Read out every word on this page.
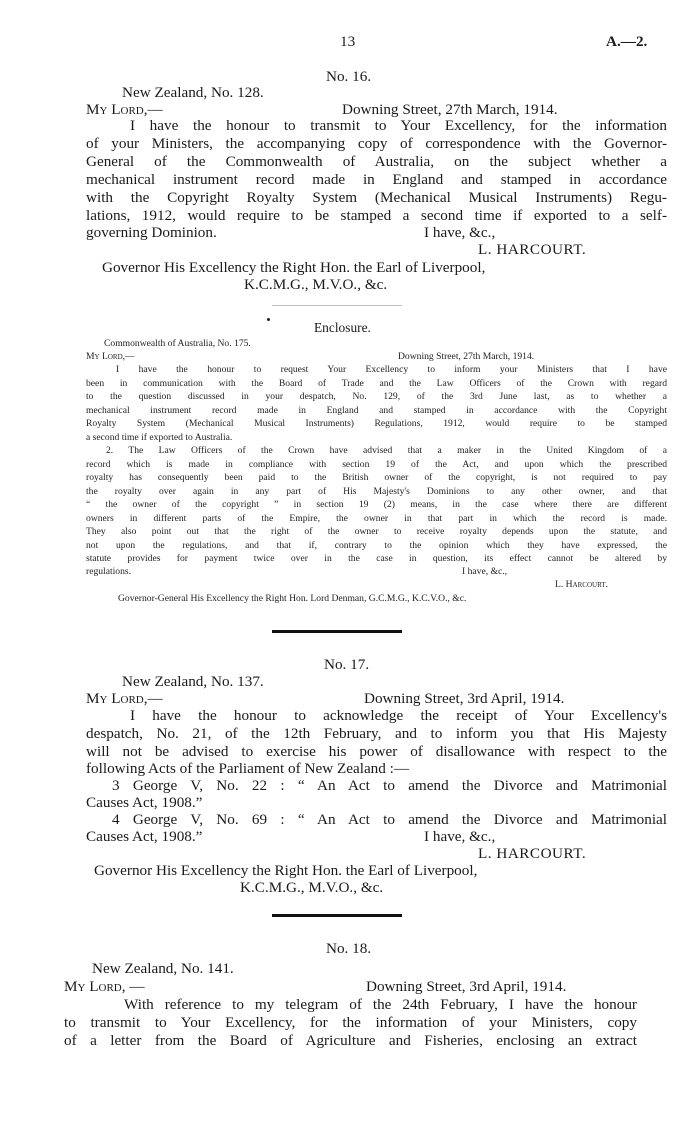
13	A.—2.
No. 16.
New Zealand, No. 128.
My Lord,—	Downing Street, 27th March, 1914.
I have the honour to transmit to Your Excellency, for the information
of your Ministers, the accompanying copy of correspondence with the Governor-
General of the Commonwealth of Australia, on the subject whether a
mechanical instrument record made in England and stamped in accordance
with the Copyright Royalty System (Mechanical Musical Instruments) Regu-
lations, 1912, would require to be stamped a second time if exported to a self-
governing Dominion.	I have, &c.,
L. HARCOURT.
Governor His Excellency the Right Hon. the Earl of Liverpool,
K.C.M.G., M.V.O., &c.
Enclosure.
Commonwealth of Australia, No. 175.
My Lord,—	Downing Street, 27th March, 1914.
I have the honour to request Your Excellency to inform your Ministers that I have
been in communication with the Board of Trade and the Law Officers of the Crown with regard
to the question discussed in your despatch, No. 129, of the 3rd June last, as to whether a
mechanical instrument record made in England and stamped in accordance with the Copyright
Royalty System (Mechanical Musical Instruments) Regulations, 1912, would require to be stamped
a second time if exported to Australia.
2. The Law Officers of the Crown have advised that a maker in the United Kingdom of a
record which is made in compliance with section 19 of the Act, and upon which the prescribed
royalty has consequently been paid to the British owner of the copyright, is not required to pay
the royalty over again in any part of His Majesty's Dominions to any other owner, and that
“ the owner of the copyright ” in section 19 (2) means, in the case where there are different
owners in different parts of the Empire, the owner in that part in which the record is made.
They also point out that the right of the owner to receive royalty depends upon the statute, and
not upon the regulations, and that if, contrary to the opinion which they have expressed, the
statute provides for payment twice over in the case in question, its effect cannot be altered by
regulations.	I have, &c.,
L. Harcourt.
Governor-General His Excellency the Right Hon. Lord Denman, G.C.M.G., K.C.V.O., &c.
No. 17.
New Zealand, No. 137.
My Lord,—	Downing Street, 3rd April, 1914.
I have the honour to acknowledge the receipt of Your Excellency's
despatch, No. 21, of the 12th February, and to inform you that His Majesty
will not be advised to exercise his power of disallowance with respect to the
following Acts of the Parliament of New Zealand :—
3 George V, No. 22 : “ An Act to amend the Divorce and Matrimonial
Causes Act, 1908.”
4 George V, No. 69 : “ An Act to amend the Divorce and Matrimonial
Causes Act, 1908.”	I have, &c.,
L. HARCOURT.
Governor His Excellency the Right Hon. the Earl of Liverpool,
K.C.M.G., M.V.O., &c.
No. 18.
New Zealand, No. 141.
My Lord, —	Downing Street, 3rd April, 1914.
With reference to my telegram of the 24th February, I have the honour
to transmit to Your Excellency, for the information of your Ministers, copy
of a letter from the Board of Agriculture and Fisheries, enclosing an extract
